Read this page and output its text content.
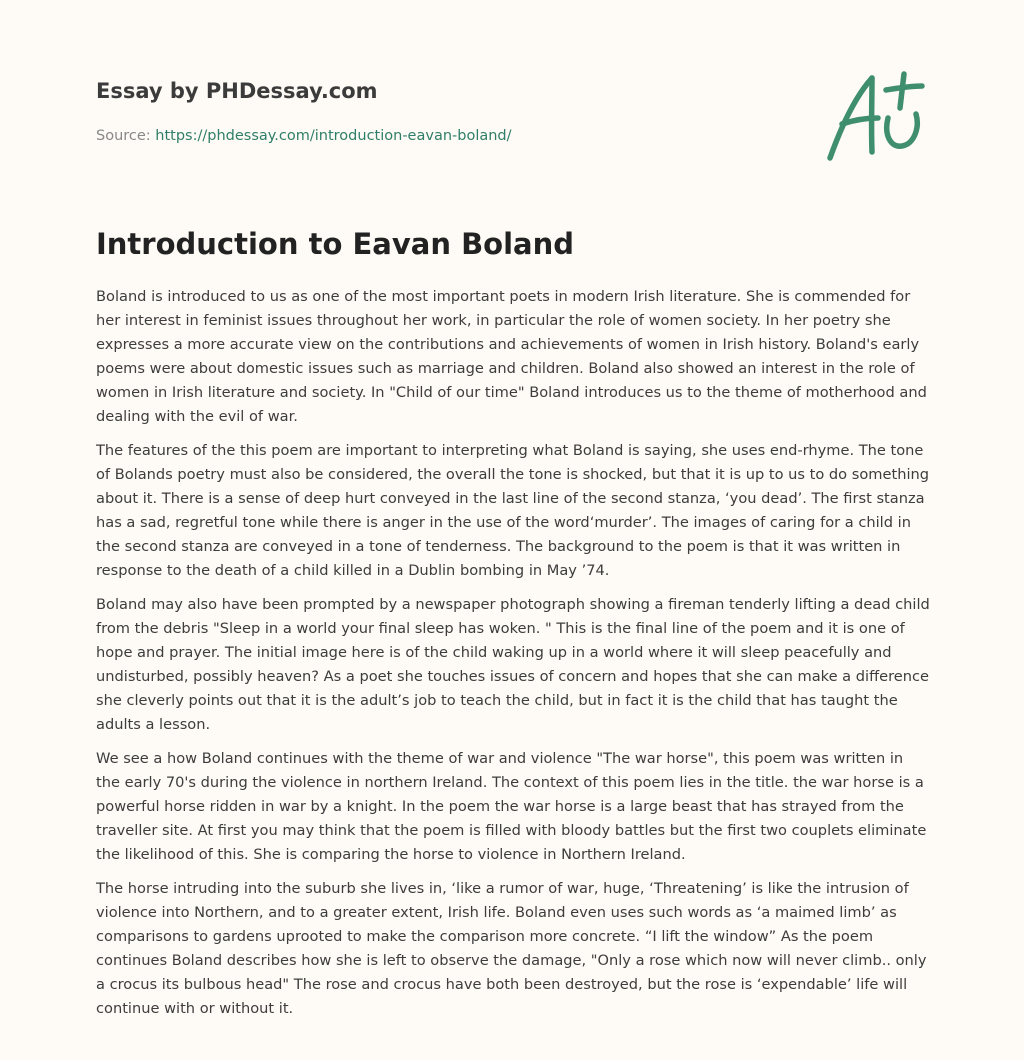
Essay by PHDessay.com
Source: https://phdessay.com/introduction-eavan-boland/
Introduction to Eavan Boland

Boland is introduced to us as one of the most important poets in modern Irish literature. She is commended for her interest in feminist issues throughout her work, in particular the role of women society. In her poetry she expresses a more accurate view on the contributions and achievements of women in Irish history. Boland's early poems were about domestic issues such as marriage and children. Boland also showed an interest in the role of women in Irish literature and society. In "Child of our time" Boland introduces us to the theme of motherhood and dealing with the evil of war.

The features of the this poem are important to interpreting what Boland is saying, she uses end-rhyme. The tone of Bolands poetry must also be considered, the overall the tone is shocked, but that it is up to us to do something about it. There is a sense of deep hurt conveyed in the last line of the second stanza, ‘you dead’. The first stanza has a sad, regretful tone while there is anger in the use of the word‘murder’. The images of caring for a child in the second stanza are conveyed in a tone of tenderness. The background to the poem is that it was written in response to the death of a child killed in a Dublin bombing in May ’74.

Boland may also have been prompted by a newspaper photograph showing a fireman tenderly lifting a dead child from the debris "Sleep in a world your final sleep has woken. " This is the final line of the poem and it is one of hope and prayer. The initial image here is of the child waking up in a world where it will sleep peacefully and undisturbed, possibly heaven? As a poet she touches issues of concern and hopes that she can make a difference she cleverly points out that it is the adult’s job to teach the child, but in fact it is the child that has taught the adults a lesson.

We see a how Boland continues with the theme of war and violence "The war horse", this poem was written in the early 70's during the violence in northern Ireland. The context of this poem lies in the title. the war horse is a powerful horse ridden in war by a knight. In the poem the war horse is a large beast that has strayed from the traveller site. At first you may think that the poem is filled with bloody battles but the first two couplets eliminate the likelihood of this. She is comparing the horse to violence in Northern Ireland.

The horse intruding into the suburb she lives in, ‘like a rumor of war, huge, ‘Threatening’ is like the intrusion of violence into Northern, and to a greater extent, Irish life. Boland even uses such words as ‘a maimed limb’ as comparisons to gardens uprooted to make the comparison more concrete. “I lift the window” As the poem continues Boland describes how she is left to observe the damage, "Only a rose which now will never climb.. only a crocus its bulbous head" The rose and crocus have both been destroyed, but the rose is ‘expendable’ life will continue with or without it.
